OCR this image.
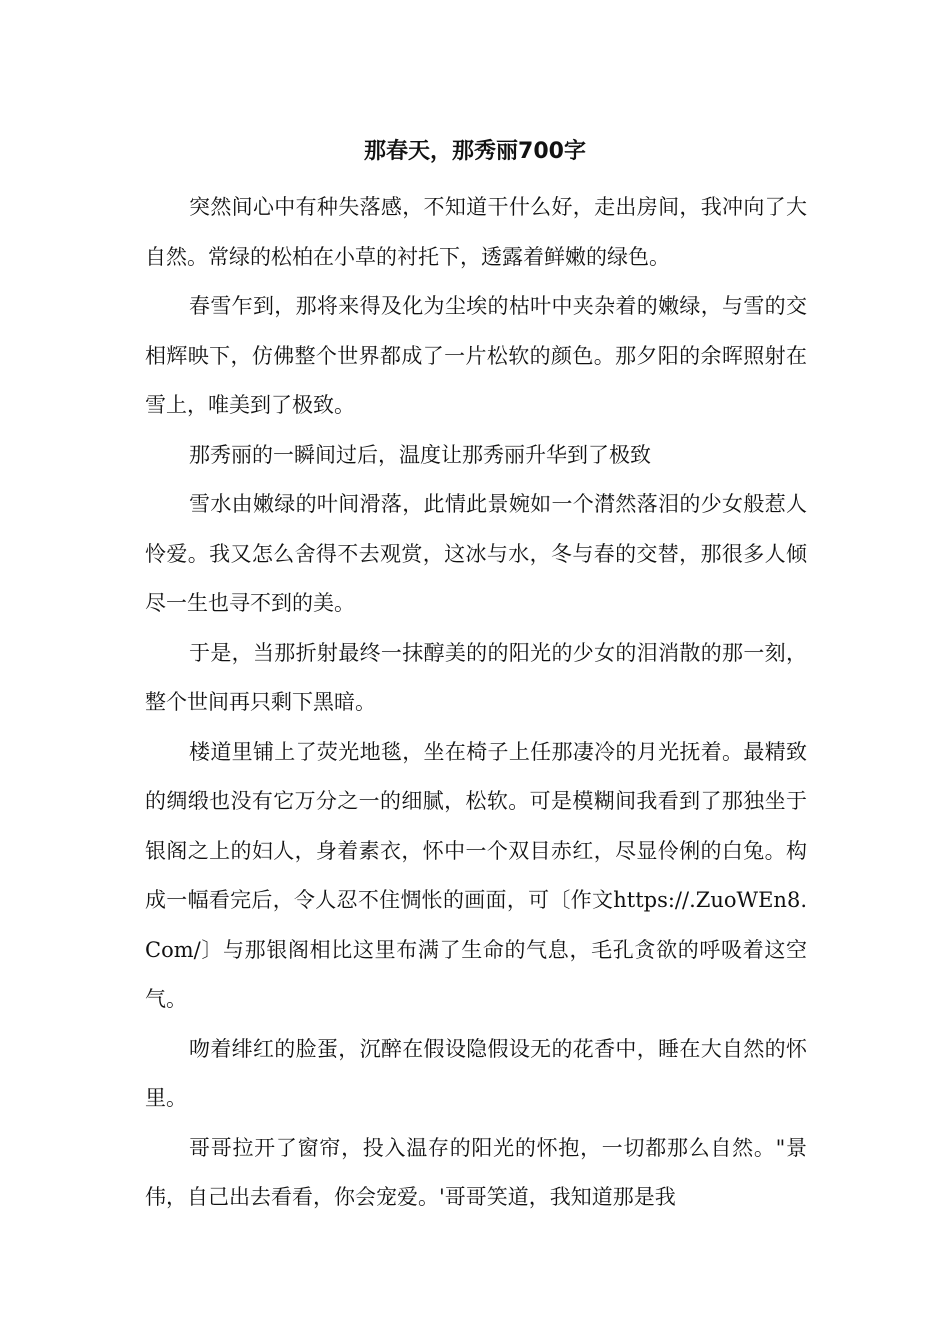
那春天，那秀丽700字

突然间心中有种失落感，不知道干什么好，走出房间，我冲向了大自然。常绿的松柏在小草的衬托下，透露着鲜嫩的绿色。

春雪乍到，那将来得及化为尘埃的枯叶中夹杂着的嫩绿，与雪的交相辉映下，仿佛整个世界都成了一片松软的颜色。那夕阳的余晖照射在雪上，唯美到了极致。

那秀丽的一瞬间过后，温度让那秀丽升华到了极致

雪水由嫩绿的叶间滑落，此情此景婉如一个潸然落泪的少女般惹人怜爱。我又怎么舍得不去观赏，这冰与水，冬与春的交替，那很多人倾尽一生也寻不到的美。

于是，当那折射最终一抹醇美的的阳光的少女的泪消散的那一刻，整个世间再只剩下黑暗。

楼道里铺上了荧光地毯，坐在椅子上任那凄冷的月光抚着。最精致的绸缎也没有它万分之一的细腻，松软。可是模糊间我看到了那独坐于银阁之上的妇人，身着素衣，怀中一个双目赤红，尽显伶俐的白兔。构成一幅看完后，令人忍不住惆怅的画面，可〔作文https://.ZuoWEn8.Com/〕与那银阁相比这里布满了生命的气息，毛孔贪欲的呼吸着这空气。

吻着绯红的脸蛋，沉醉在假设隐假设无的花香中，睡在大自然的怀里。

哥哥拉开了窗帘，投入温存的阳光的怀抱，一切都那么自然。"景伟，自己出去看看，你会宠爱。'哥哥笑道，我知道那是我
